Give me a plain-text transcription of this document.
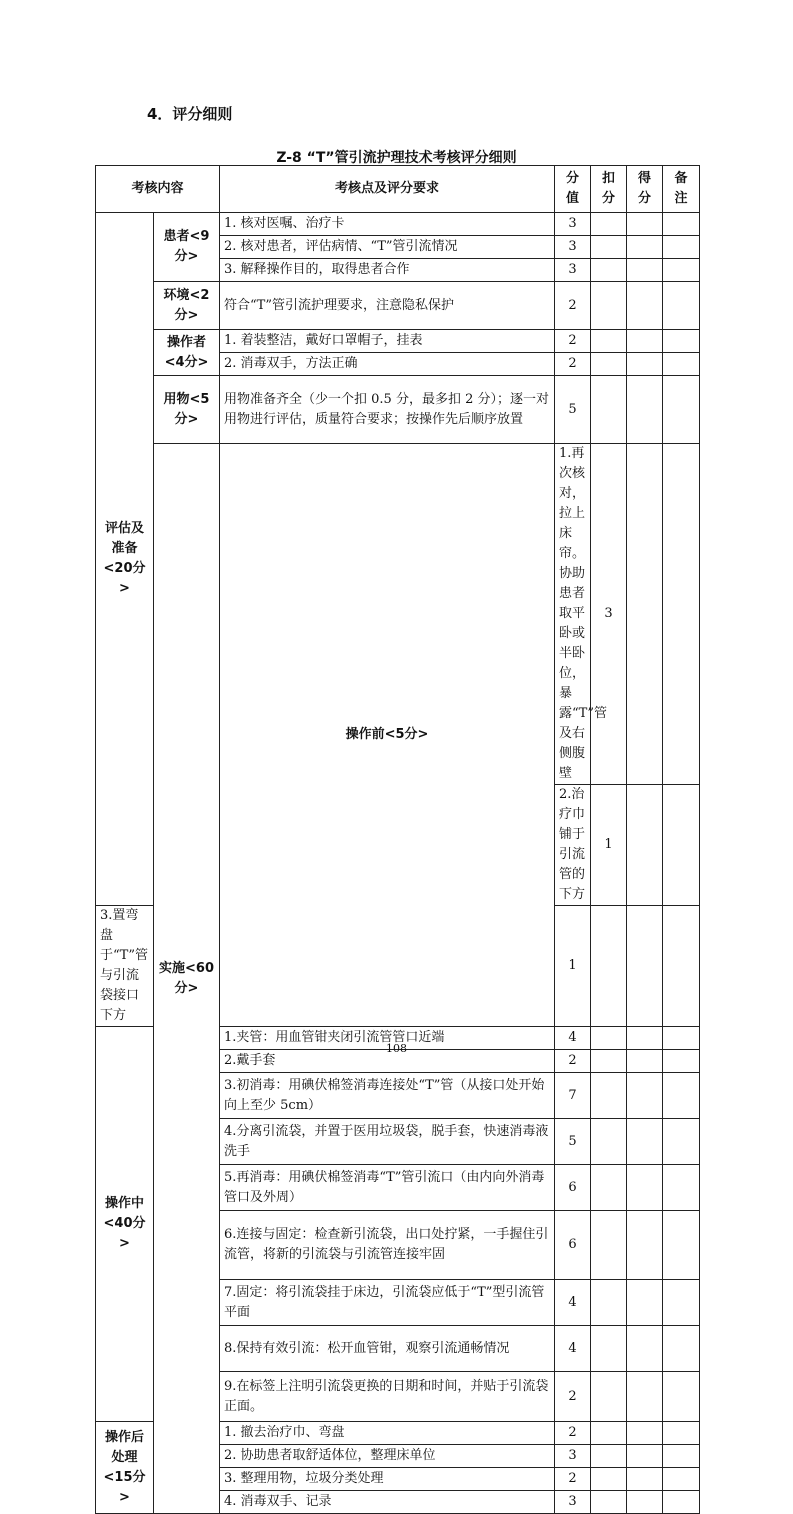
4．评分细则
Z-8 “T”管引流护理技术考核评分细则
考核内容		考核点及评分要求	分值	扣分	得分	备注	
评估及准备<20分>	患者<9分>	1. 核对医嘱、治疗卡	3				
		2. 核对患者，评估病情、“T”管引流情况	3				
		3. 解释操作目的，取得患者合作	3				
	环境<2分>	符合“T”管引流护理要求，注意隐私保护	2				
	操作者<4分>	1. 着装整洁，戴好口罩帽子，挂表	2				
		2. 消毒双手，方法正确	2				
	用物<5分>	用物准备齐全（少一个扣 0.5 分，最多扣 2 分）；逐一对用物进行评估，质量符合要求；按操作先后顺序放置	5				
	实施<60分>	操作前<5分>	1.再次核对，拉上床帘。协助患者取平卧或半卧位，暴露“T”管及右侧腹壁	3			
			2.治疗巾铺于引流管的下方	1			
3.置弯盘于“T”管与引流袋接口下方			1				
操作中<40分>		1.夹管：用血管钳夹闭引流管管口近端	4				
		2.戴手套	2				
		3.初消毒：用碘伏棉签消毒连接处“T”管（从接口处开始向上至少 5cm）	7				
		4.分离引流袋，并置于医用垃圾袋，脱手套，快速消毒液洗手	5				
		5.再消毒：用碘伏棉签消毒“T”管引流口（由内向外消毒管口及外周）	6				
		6.连接与固定：检查新引流袋，出口处拧紧，一手握住引流管，将新的引流袋与引流管连接牢固	6				
		7.固定：将引流袋挂于床边，引流袋应低于“T”型引流管平面	4				
		8.保持有效引流：松开血管钳，观察引流通畅情况	4				
		9.在标签上注明引流袋更换的日期和时间，并贴于引流袋正面。	2				
操作后处理<15分>		1. 撤去治疗巾、弯盘	2				
		2. 协助患者取舒适体位，整理床单位	3				
		3. 整理用物，垃圾分类处理	2				
		4. 消毒双手、记录	3				
108
